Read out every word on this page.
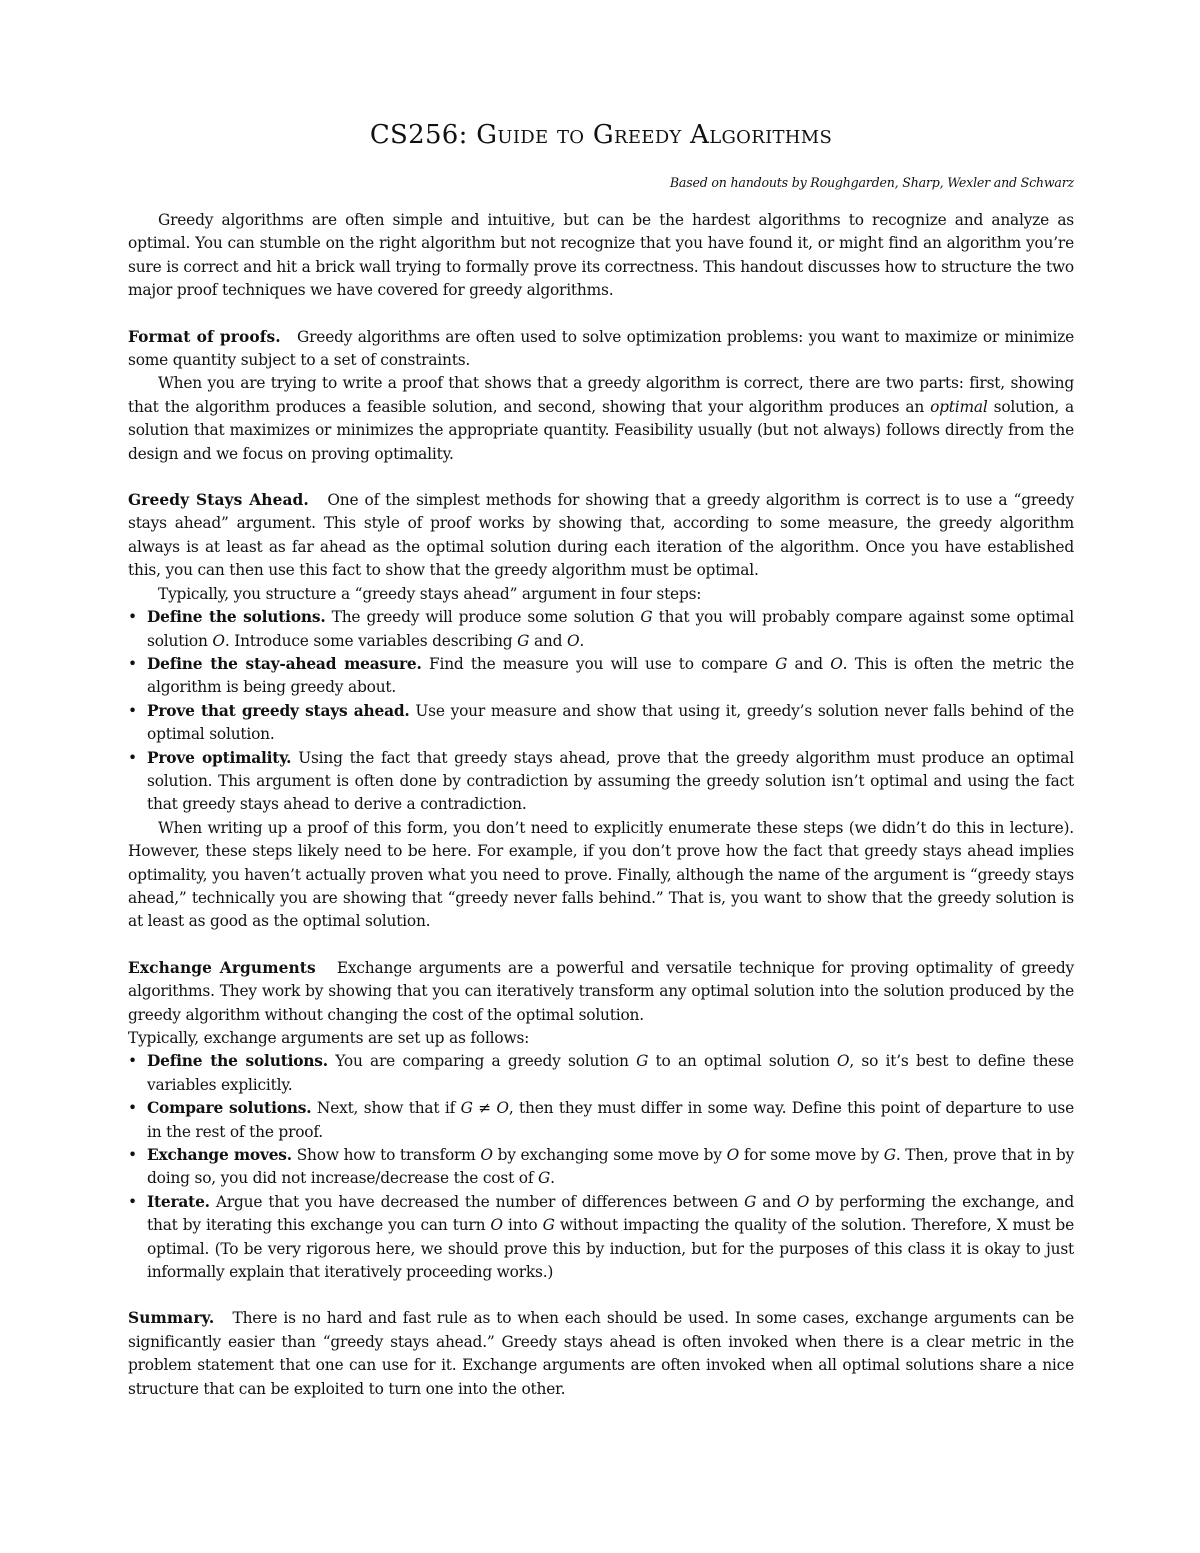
CS256: Guide to Greedy Algorithms
Based on handouts by Roughgarden, Sharp, Wexler and Schwarz

Greedy algorithms are often simple and intuitive, but can be the hardest algorithms to recognize and analyze as optimal. You can stumble on the right algorithm but not recognize that you have found it, or might find an algorithm you’re sure is correct and hit a brick wall trying to formally prove its correctness. This handout discusses how to structure the two major proof techniques we have covered for greedy algorithms.

Format of proofs. Greedy algorithms are often used to solve optimization problems: you want to maximize or minimize some quantity subject to a set of constraints.

When you are trying to write a proof that shows that a greedy algorithm is correct, there are two parts: first, showing that the algorithm produces a feasible solution, and second, showing that your algorithm produces an optimal solution, a solution that maximizes or minimizes the appropriate quantity. Feasibility usually (but not always) follows directly from the design and we focus on proving optimality.

Greedy Stays Ahead. One of the simplest methods for showing that a greedy algorithm is correct is to use a “greedy stays ahead” argument. This style of proof works by showing that, according to some measure, the greedy algorithm always is at least as far ahead as the optimal solution during each iteration of the algorithm. Once you have established this, you can then use this fact to show that the greedy algorithm must be optimal.

Typically, you structure a “greedy stays ahead” argument in four steps:

• Define the solutions. The greedy will produce some solution G that you will probably compare against some optimal solution O. Introduce some variables describing G and O.
• Define the stay-ahead measure. Find the measure you will use to compare G and O. This is often the metric the algorithm is being greedy about.
• Prove that greedy stays ahead. Use your measure and show that using it, greedy’s solution never falls behind of the optimal solution.
• Prove optimality. Using the fact that greedy stays ahead, prove that the greedy algorithm must produce an optimal solution. This argument is often done by contradiction by assuming the greedy solution isn’t optimal and using the fact that greedy stays ahead to derive a contradiction.

When writing up a proof of this form, you don’t need to explicitly enumerate these steps (we didn’t do this in lecture). However, these steps likely need to be here. For example, if you don’t prove how the fact that greedy stays ahead implies optimality, you haven’t actually proven what you need to prove. Finally, although the name of the argument is “greedy stays ahead,” technically you are showing that “greedy never falls behind.” That is, you want to show that the greedy solution is at least as good as the optimal solution.

Exchange Arguments Exchange arguments are a powerful and versatile technique for proving optimality of greedy algorithms. They work by showing that you can iteratively transform any optimal solution into the solution produced by the greedy algorithm without changing the cost of the optimal solution.

Typically, exchange arguments are set up as follows:

• Define the solutions. You are comparing a greedy solution G to an optimal solution O, so it’s best to define these variables explicitly.
• Compare solutions. Next, show that if G ≠ O, then they must differ in some way. Define this point of departure to use in the rest of the proof.
• Exchange moves. Show how to transform O by exchanging some move by O for some move by G. Then, prove that in by doing so, you did not increase/decrease the cost of G.
• Iterate. Argue that you have decreased the number of differences between G and O by performing the exchange, and that by iterating this exchange you can turn O into G without impacting the quality of the solution. Therefore, X must be optimal. (To be very rigorous here, we should prove this by induction, but for the purposes of this class it is okay to just informally explain that iteratively proceeding works.)

Summary. There is no hard and fast rule as to when each should be used. In some cases, exchange arguments can be significantly easier than “greedy stays ahead.” Greedy stays ahead is often invoked when there is a clear metric in the problem statement that one can use for it. Exchange arguments are often invoked when all optimal solutions share a nice structure that can be exploited to turn one into the other.
